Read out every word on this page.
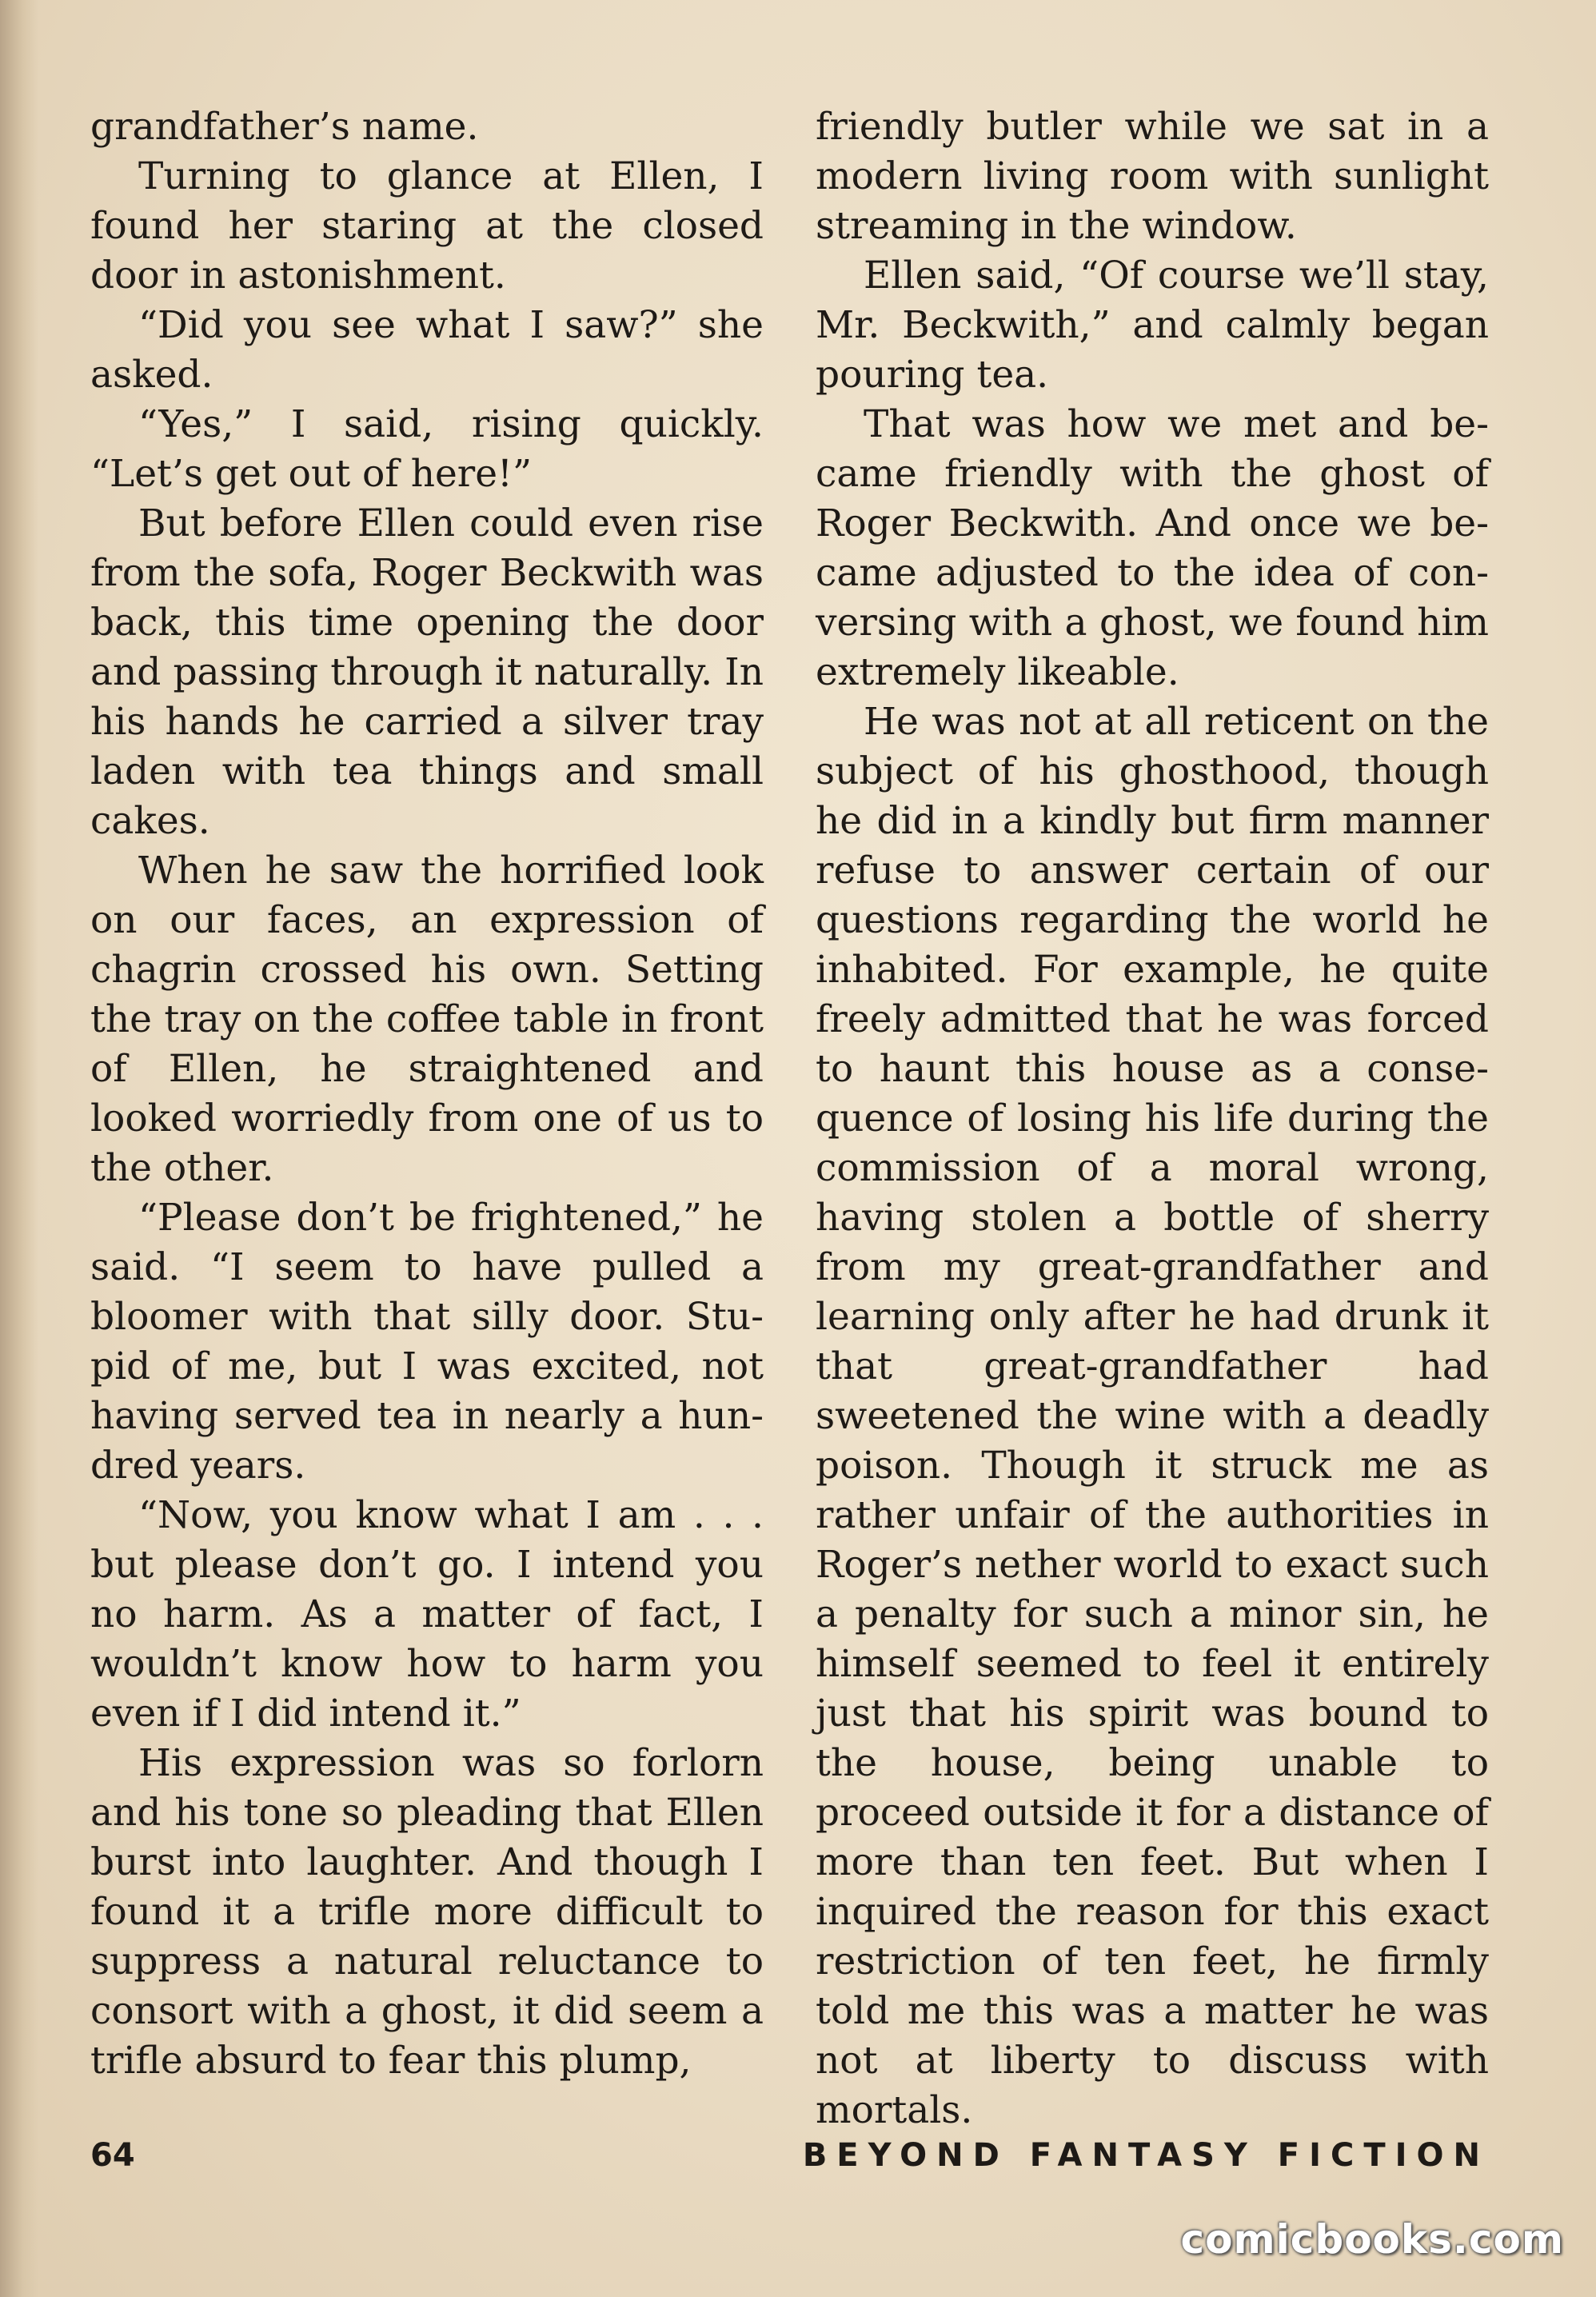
grandfather’s name.

Turning to glance at Ellen, I found her staring at the closed door in astonishment.

“Did you see what I saw?” she asked.

“Yes,” I said, rising quickly. “Let’s get out of here!”

But before Ellen could even rise from the sofa, Roger Beckwith was back, this time opening the door and passing through it naturally. In his hands he carried a silver tray laden with tea things and small cakes.

When he saw the horrified look on our faces, an expression of chagrin crossed his own. Setting the tray on the coffee table in front of Ellen, he straightened and looked worriedly from one of us to the other.

“Please don’t be frightened,” he said. “I seem to have pulled a bloomer with that silly door. Stupid of me, but I was excited, not having served tea in nearly a hundred years.

“Now, you know what I am . . . but please don’t go. I intend you no harm. As a matter of fact, I wouldn’t know how to harm you even if I did intend it.”

His expression was so forlorn and his tone so pleading that Ellen burst into laughter. And though I found it a trifle more difficult to suppress a natural reluctance to consort with a ghost, it did seem a trifle absurd to fear this plump,

friendly butler while we sat in a modern living room with sunlight streaming in the window.

Ellen said, “Of course we’ll stay, Mr. Beckwith,” and calmly began pouring tea.

That was how we met and became friendly with the ghost of Roger Beckwith. And once we became adjusted to the idea of conversing with a ghost, we found him extremely likeable.

He was not at all reticent on the subject of his ghosthood, though he did in a kindly but firm manner refuse to answer certain of our questions regarding the world he inhabited. For example, he quite freely admitted that he was forced to haunt this house as a consequence of losing his life during the commission of a moral wrong, having stolen a bottle of sherry from my great-grandfather and learning only after he had drunk it that great-grandfather had sweetened the wine with a deadly poison. Though it struck me as rather unfair of the authorities in Roger’s nether world to exact such a penalty for such a minor sin, he himself seemed to feel it entirely just that his spirit was bound to the house, being unable to proceed outside it for a distance of more than ten feet. But when I inquired the reason for this exact restriction of ten feet, he firmly told me this was a matter he was not at liberty to discuss with mortals.

64	BEYOND FANTASY FICTION
comicbooks.com
